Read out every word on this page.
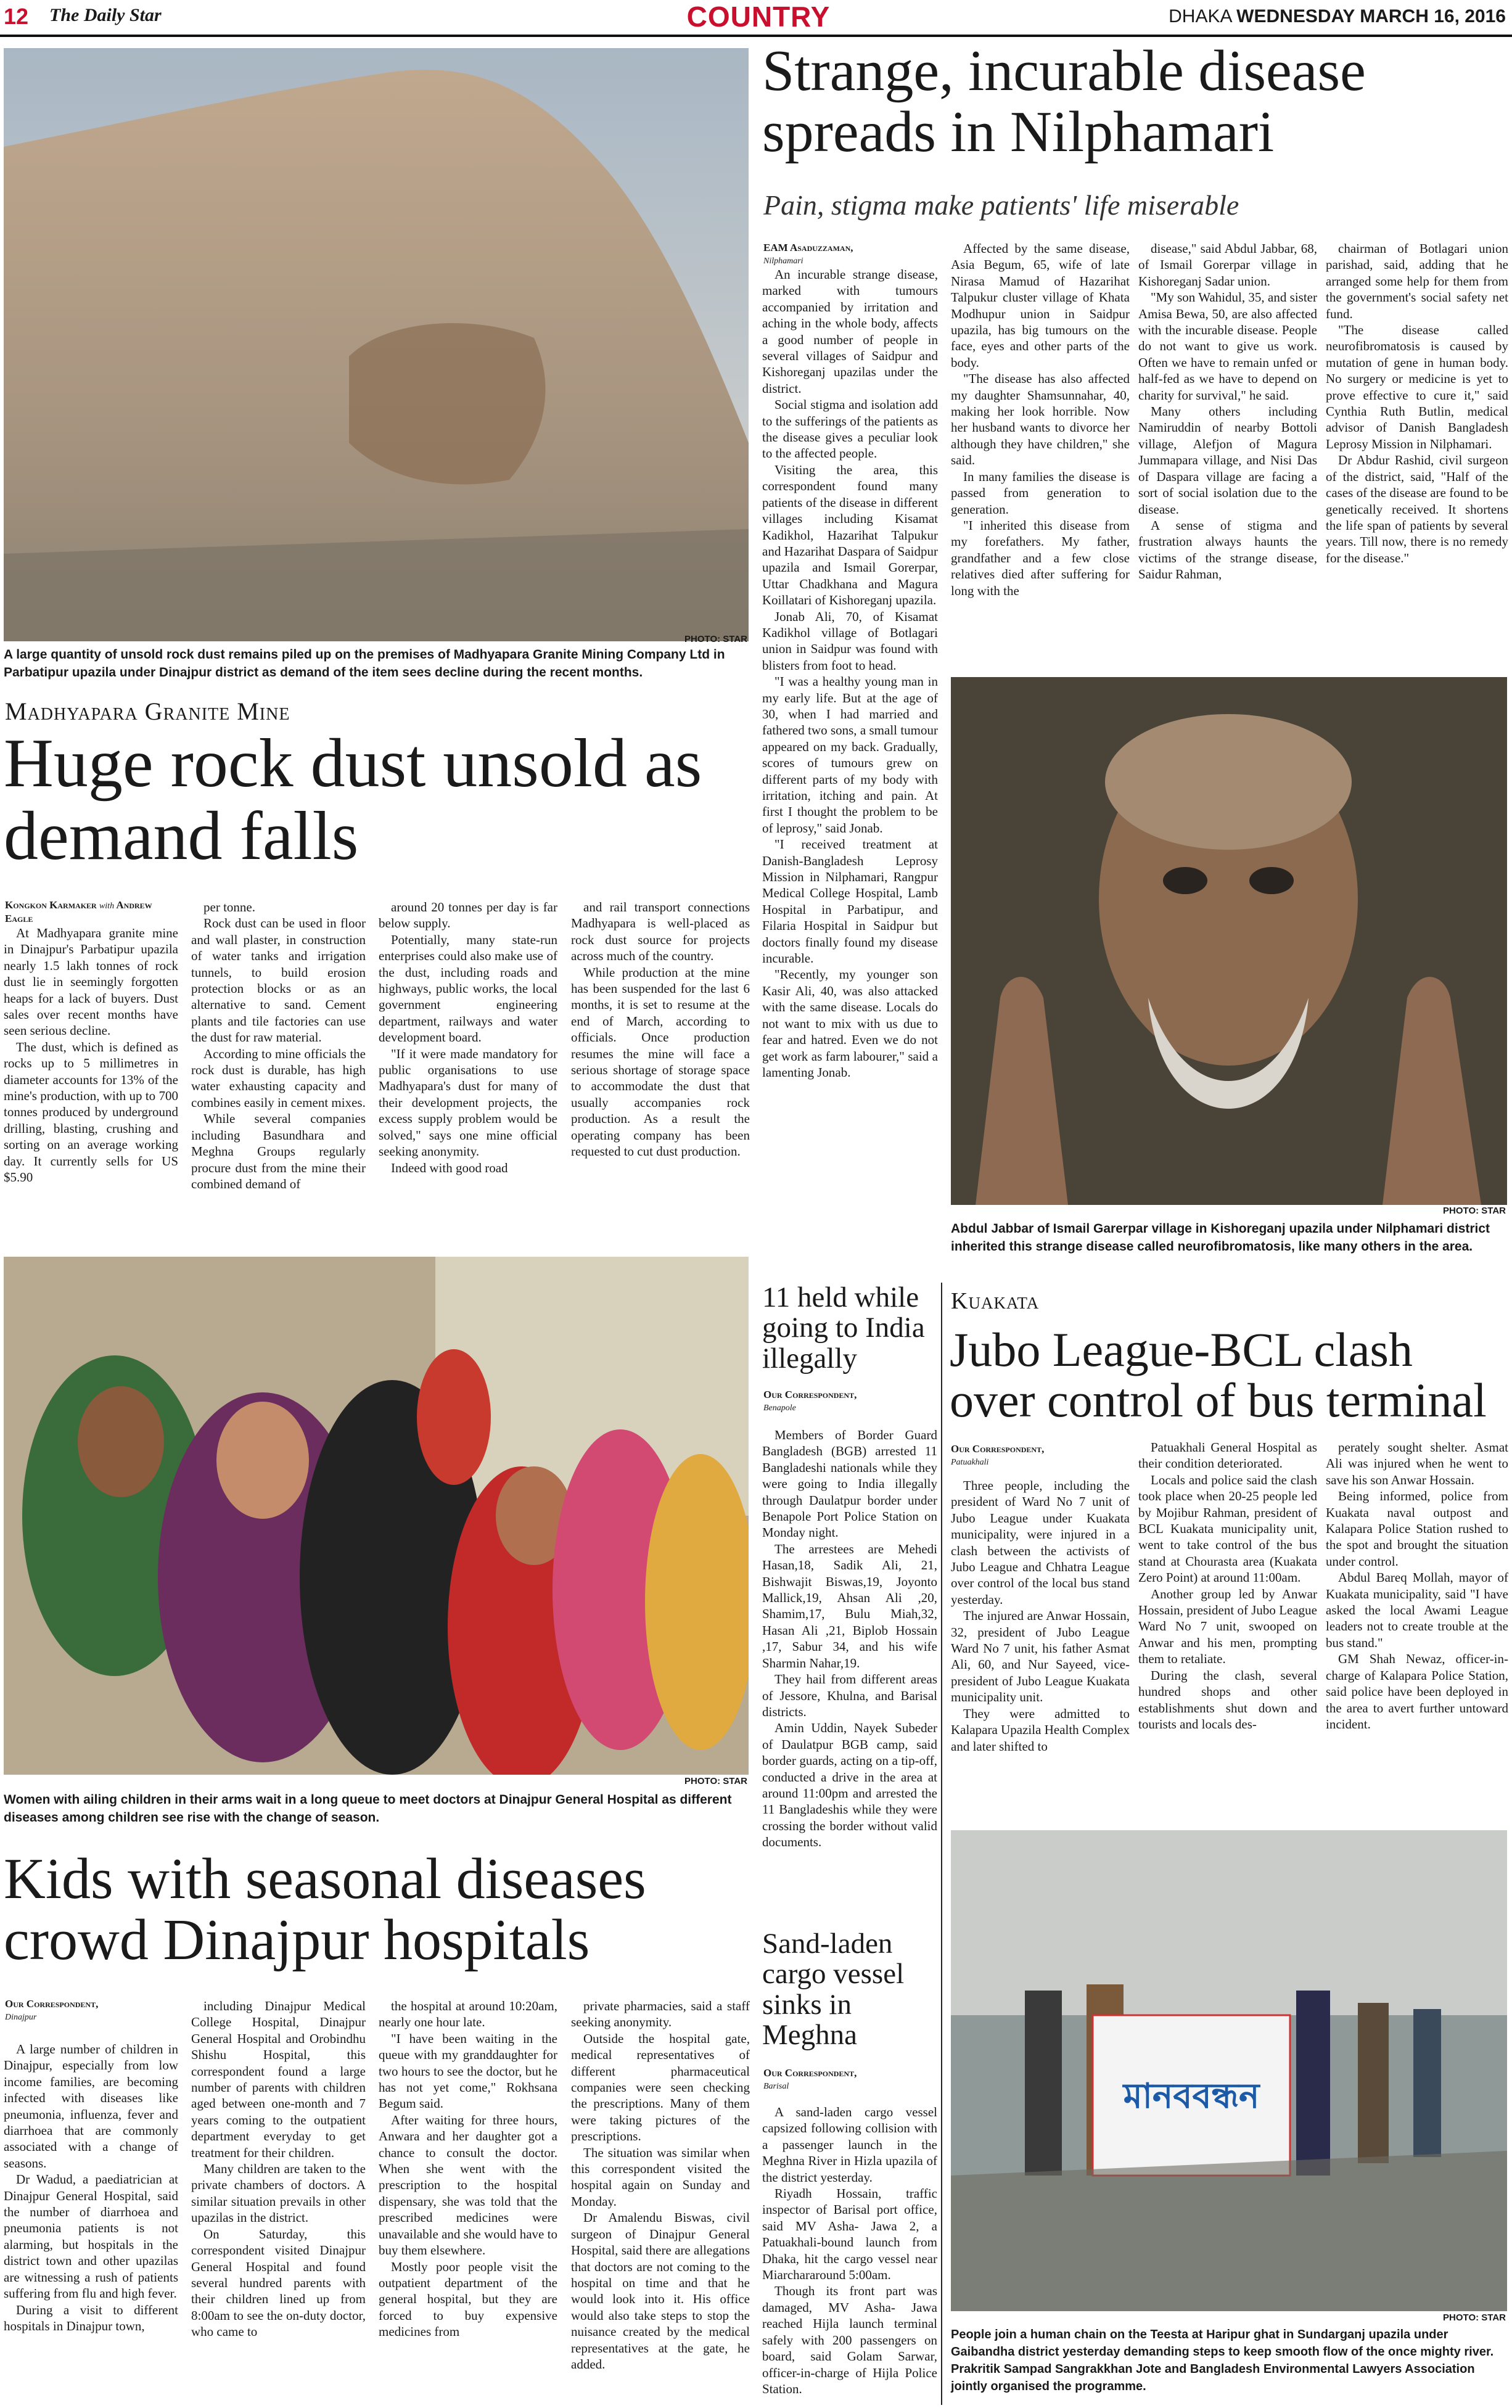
12 The Daily Star	COUNTRY	DHAKA WEDNESDAY MARCH 16, 2016
PHOTO: STAR
A large quantity of unsold rock dust remains piled up on the premises of Madhyapara Granite Mining Company Ltd in Parbatipur upazila under Dinajpur district as demand of the item sees decline during the recent months.
Madhyapara Granite Mine
Huge rock dust unsold as demand falls
Kongkon Karmaker with Andrew Eagle

At Madhyapara granite mine in Dinajpur's Parbatipur upazila nearly 1.5 lakh tonnes of rock dust lie in seemingly forgotten heaps for a lack of buyers. Dust sales over recent months have seen serious decline.

The dust, which is defined as rocks up to 5 millimetres in diameter accounts for 13% of the mine's production, with up to 700 tonnes produced by underground drilling, blasting, crushing and sorting on an average working day. It currently sells for US $5.90

per tonne.

Rock dust can be used in floor and wall plaster, in construction of water tanks and irrigation tunnels, to build erosion protection blocks or as an alternative to sand. Cement plants and tile factories can use the dust for raw material.

According to mine officials the rock dust is durable, has high water exhausting capacity and combines easily in cement mixes.

While several companies including Basundhara and Meghna Groups regularly procure dust from the mine their combined demand of

around 20 tonnes per day is far below supply.

Potentially, many state-run enterprises could also make use of the dust, including roads and highways, public works, the local government engineering department, railways and water development board.

"If it were made mandatory for public organisations to use Madhyapara's dust for many of their development projects, the excess supply problem would be solved," says one mine official seeking anonymity.

Indeed with good road

and rail transport connections Madhyapara is well-placed as rock dust source for projects across much of the country.

While production at the mine has been suspended for the last 6 months, it is set to resume at the end of March, according to officials. Once production resumes the mine will face a serious shortage of storage space to accommodate the dust that usually accompanies rock production. As a result the operating company has been requested to cut dust production.

PHOTO: STAR
Women with ailing children in their arms wait in a long queue to meet doctors at Dinajpur General Hospital as different diseases among children see rise with the change of season.
Kids with seasonal diseases crowd Dinajpur hospitals
Our Correspondent,
Dinajpur

A large number of children in Dinajpur, especially from low income families, are becoming infected with diseases like pneumonia, influenza, fever and diarrhoea that are commonly associated with a change of seasons.

Dr Wadud, a paediatrician at Dinajpur General Hospital, said the number of diarrhoea and pneumonia patients is not alarming, but hospitals in the district town and other upazilas are witnessing a rush of patients suffering from flu and high fever.

During a visit to different hospitals in Dinajpur town,

including Dinajpur Medical College Hospital, Dinajpur General Hospital and Orobindhu Shishu Hospital, this correspondent found a large number of parents with children aged between one-month and 7 years coming to the outpatient department everyday to get treatment for their children.

Many children are taken to the private chambers of doctors. A similar situation prevails in other upazilas in the district.

On Saturday, this correspondent visited Dinajpur General Hospital and found several hundred parents with their children lined up from 8:00am to see the on-duty doctor, who came to

the hospital at around 10:20am, nearly one hour late.

"I have been waiting in the queue with my granddaughter for two hours to see the doctor, but he has not yet come," Rokhsana Begum said.

After waiting for three hours, Anwara and her daughter got a chance to consult the doctor. When she went with the prescription to the hospital dispensary, she was told that the prescribed medicines were unavailable and she would have to buy them elsewhere.

Mostly poor people visit the outpatient department of the general hospital, but they are forced to buy expensive medicines from

private pharmacies, said a staff seeking anonymity.

Outside the hospital gate, medical representatives of different pharmaceutical companies were seen checking the prescriptions. Many of them were taking pictures of the prescriptions.

The situation was similar when this correspondent visited the hospital again on Sunday and Monday.

Dr Amalendu Biswas, civil surgeon of Dinajpur General Hospital, said there are allegations that doctors are not coming to the hospital on time and that he would look into it. His office would also take steps to stop the nuisance created by the medical representatives at the gate, he added.

Strange, incurable disease spreads in Nilphamari
Pain, stigma make patients' life miserable
EAM Asaduzzaman,
Nilphamari

An incurable strange disease, marked with tumours accompanied by irritation and aching in the whole body, affects a good number of people in several villages of Saidpur and Kishoreganj upazilas under the district.

Social stigma and isolation add to the sufferings of the patients as the disease gives a peculiar look to the affected people.

Visiting the area, this correspondent found many patients of the disease in different villages including Kisamat Kadikhol, Hazarihat Talpukur and Hazarihat Daspara of Saidpur upazila and Ismail Gorerpar, Uttar Chadkhana and Magura Koillatari of Kishoreganj upazila.

Jonab Ali, 70, of Kisamat Kadikhol village of Botlagari union in Saidpur was found with blisters from foot to head.

"I was a healthy young man in my early life. But at the age of 30, when I had married and fathered two sons, a small tumour appeared on my back. Gradually, scores of tumours grew on different parts of my body with irritation, itching and pain. At first I thought the problem to be of leprosy," said Jonab.

"I received treatment at Danish-Bangladesh Leprosy Mission in Nilphamari, Rangpur Medical College Hospital, Lamb Hospital in Parbatipur, and Filaria Hospital in Saidpur but doctors finally found my disease incurable.

"Recently, my younger son Kasir Ali, 40, was also attacked with the same disease. Locals do not want to mix with us due to fear and hatred. Even we do not get work as farm labourer," said a lamenting Jonab.

Affected by the same disease, Asia Begum, 65, wife of late Nirasa Mamud of Hazarihat Talpukur cluster village of Khata Modhupur union in Saidpur upazila, has big tumours on the face, eyes and other parts of the body.

"The disease has also affected my daughter Shamsunnahar, 40, making her look horrible. Now her husband wants to divorce her although they have children," she said.

In many families the disease is passed from generation to generation.

"I inherited this disease from my forefathers. My father, grandfather and a few close relatives died after suffering for long with the

disease," said Abdul Jabbar, 68, of Ismail Gorerpar village in Kishoreganj Sadar union.

"My son Wahidul, 35, and sister Amisa Bewa, 50, are also affected with the incurable disease. People do not want to give us work. Often we have to remain unfed or half-fed as we have to depend on charity for survival," he said.

Many others including Namiruddin of nearby Bottoli village, Alefjon of Magura Jummapara village, and Nisi Das of Daspara village are facing a sort of social isolation due to the disease.

A sense of stigma and frustration always haunts the victims of the strange disease, Saidur Rahman,

chairman of Botlagari union parishad, said, adding that he arranged some help for them from the government's social safety net fund.

"The disease called neurofibromatosis is caused by mutation of gene in human body. No surgery or medicine is yet to prove effective to cure it," said Cynthia Ruth Butlin, medical advisor of Danish Bangladesh Leprosy Mission in Nilphamari.

Dr Abdur Rashid, civil surgeon of the district, said, "Half of the cases of the disease are found to be genetically received. It shortens the life span of patients by several years. Till now, there is no remedy for the disease."

PHOTO: STAR
Abdul Jabbar of Ismail Garerpar village in Kishoreganj upazila under Nilphamari district inherited this strange disease called neurofibromatosis, like many others in the area.
11 held while going to India illegally
Our Correspondent,
Benapole

Members of Border Guard Bangladesh (BGB) arrested 11 Bangladeshi nationals while they were going to India illegally through Daulatpur border under Benapole Port Police Station on Monday night.

The arrestees are Mehedi Hasan,18, Sadik Ali, 21, Bishwajit Biswas,19, Joyonto Mallick,19, Ahsan Ali ,20, Shamim,17, Bulu Miah,32, Hasan Ali ,21, Biplob Hossain ,17, Sabur 34, and his wife Sharmin Nahar,19.

They hail from different areas of Jessore, Khulna, and Barisal districts.

Amin Uddin, Nayek Subeder of Daulatpur BGB camp, said border guards, acting on a tip-off, conducted a drive in the area at around 11:00pm and arrested the 11 Bangladeshis while they were crossing the border without valid documents.

Sand-laden cargo vessel sinks in Meghna
Our Correspondent,
Barisal

A sand-laden cargo vessel capsized following collision with a passenger launch in the Meghna River in Hizla upazila of the district yesterday.

Riyadh Hossain, traffic inspector of Barisal port office, said MV Asha- Jawa 2, a Patuakhali-bound launch from Dhaka, hit the cargo vessel near Miarchararound 5:00am.

Though its front part was damaged, MV Asha- Jawa reached Hijla launch terminal safely with 200 passengers on board, said Golam Sarwar, officer-in-charge of Hijla Police Station.

Kuakata
Jubo League-BCL clash over control of bus terminal
Our Correspondent,
Patuakhali

Three people, including the president of Ward No 7 unit of Jubo League under Kuakata municipality, were injured in a clash between the activists of Jubo League and Chhatra League over control of the local bus stand yesterday.

The injured are Anwar Hossain, 32, president of Jubo League Ward No 7 unit, his father Asmat Ali, 60, and Nur Sayeed, vice-president of Jubo League Kuakata municipality unit.

They were admitted to Kalapara Upazila Health Complex and later shifted to

Patuakhali General Hospital as their condition deteriorated.

Locals and police said the clash took place when 20-25 people led by Mojibur Rahman, president of BCL Kuakata municipality unit, went to take control of the bus stand at Chourasta area (Kuakata Zero Point) at around 11:00am.

Another group led by Anwar Hossain, president of Jubo League Ward No 7 unit, swooped on Anwar and his men, prompting them to retaliate.

During the clash, several hundred shops and other establishments shut down and tourists and locals des-

perately sought shelter. Asmat Ali was injured when he went to save his son Anwar Hossain.

Being informed, police from Kuakata naval outpost and Kalapara Police Station rushed to the spot and brought the situation under control.

Abdul Bareq Mollah, mayor of Kuakata municipality, said "I have asked the local Awami League leaders not to create trouble at the bus stand."

GM Shah Newaz, officer-in-charge of Kalapara Police Station, said police have been deployed in the area to avert further untoward incident.

মানববন্ধন
PHOTO: STAR
People join a human chain on the Teesta at Haripur ghat in Sundarganj upazila under Gaibandha district yesterday demanding steps to keep smooth flow of the once mighty river. Prakritik Sampad Sangrakkhan Jote and Bangladesh Environmental Lawyers Association jointly organised the programme.
